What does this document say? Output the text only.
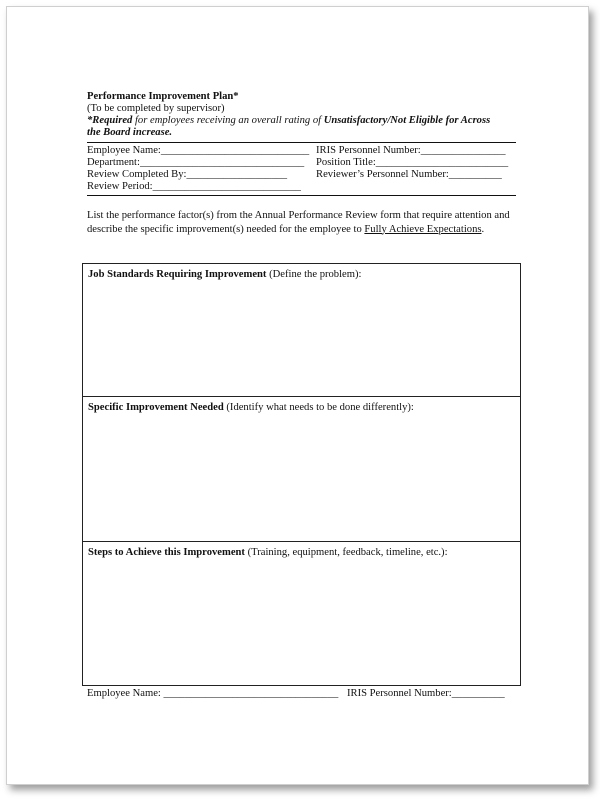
Performance Improvement Plan*
(To be completed by supervisor)
*Required for employees receiving an overall rating of Unsatisfactory/Not Eligible for Across
the Board increase.
Employee Name:____________________________ IRIS Personnel Number:________________
Department:_______________________________ Position Title:_________________________
Review Completed By:___________________	Reviewer’s Personnel Number:__________
Review Period:____________________________
List the performance factor(s) from the Annual Performance Review form that require attention and describe the specific improvement(s) needed for the employee to Fully Achieve Expectations.
Job Standards Requiring Improvement (Define the problem):
Specific Improvement Needed (Identify what needs to be done differently):
Steps to Achieve this Improvement (Training, equipment, feedback, timeline, etc.):
Employee Name: _________________________________ IRIS Personnel Number:__________
